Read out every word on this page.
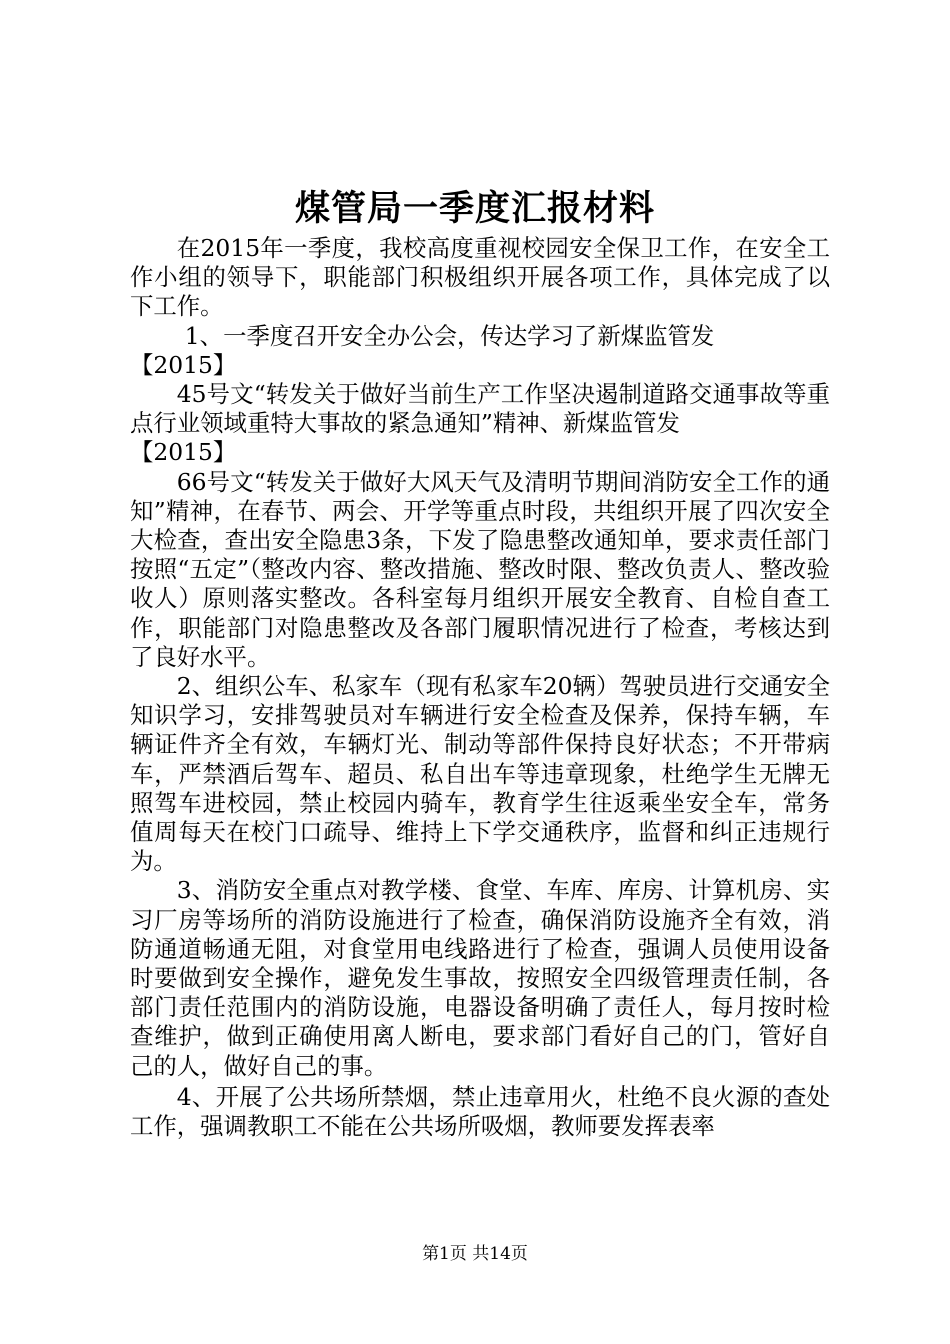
煤管局一季度汇报材料

在2015年一季度，我校高度重视校园安全保卫工作，在安全工作小组的领导下，职能部门积极组织开展各项工作，具体完成了以下工作。

1、一季度召开安全办公会，传达学习了新煤监管发

【2015】

45号文“转发关于做好当前生产工作坚决遏制道路交通事故等重点行业领域重特大事故的紧急通知”精神、新煤监管发

【2015】

66号文“转发关于做好大风天气及清明节期间消防安全工作的通知”精神，在春节、两会、开学等重点时段，共组织开展了四次安全大检查，查出安全隐患3条，下发了隐患整改通知单，要求责任部门按照“五定”（整改内容、整改措施、整改时限、整改负责人、整改验收人）原则落实整改。各科室每月组织开展安全教育、自检自查工作，职能部门对隐患整改及各部门履职情况进行了检查，考核达到了良好水平。

2、组织公车、私家车（现有私家车20辆）驾驶员进行交通安全知识学习，安排驾驶员对车辆进行安全检查及保养，保持车辆，车辆证件齐全有效，车辆灯光、制动等部件保持良好状态；不开带病车，严禁酒后驾车、超员、私自出车等违章现象，杜绝学生无牌无照驾车进校园，禁止校园内骑车，教育学生往返乘坐安全车，常务值周每天在校门口疏导、维持上下学交通秩序，监督和纠正违规行为。

3、消防安全重点对教学楼、食堂、车库、库房、计算机房、实习厂房等场所的消防设施进行了检查，确保消防设施齐全有效，消防通道畅通无阻，对食堂用电线路进行了检查，强调人员使用设备时要做到安全操作，避免发生事故，按照安全四级管理责任制，各部门责任范围内的消防设施，电器设备明确了责任人，每月按时检查维护，做到正确使用离人断电，要求部门看好自己的门，管好自己的人，做好自己的事。

4、开展了公共场所禁烟，禁止违章用火，杜绝不良火源的查处工作，强调教职工不能在公共场所吸烟，教师要发挥表率

第1页 共14页
